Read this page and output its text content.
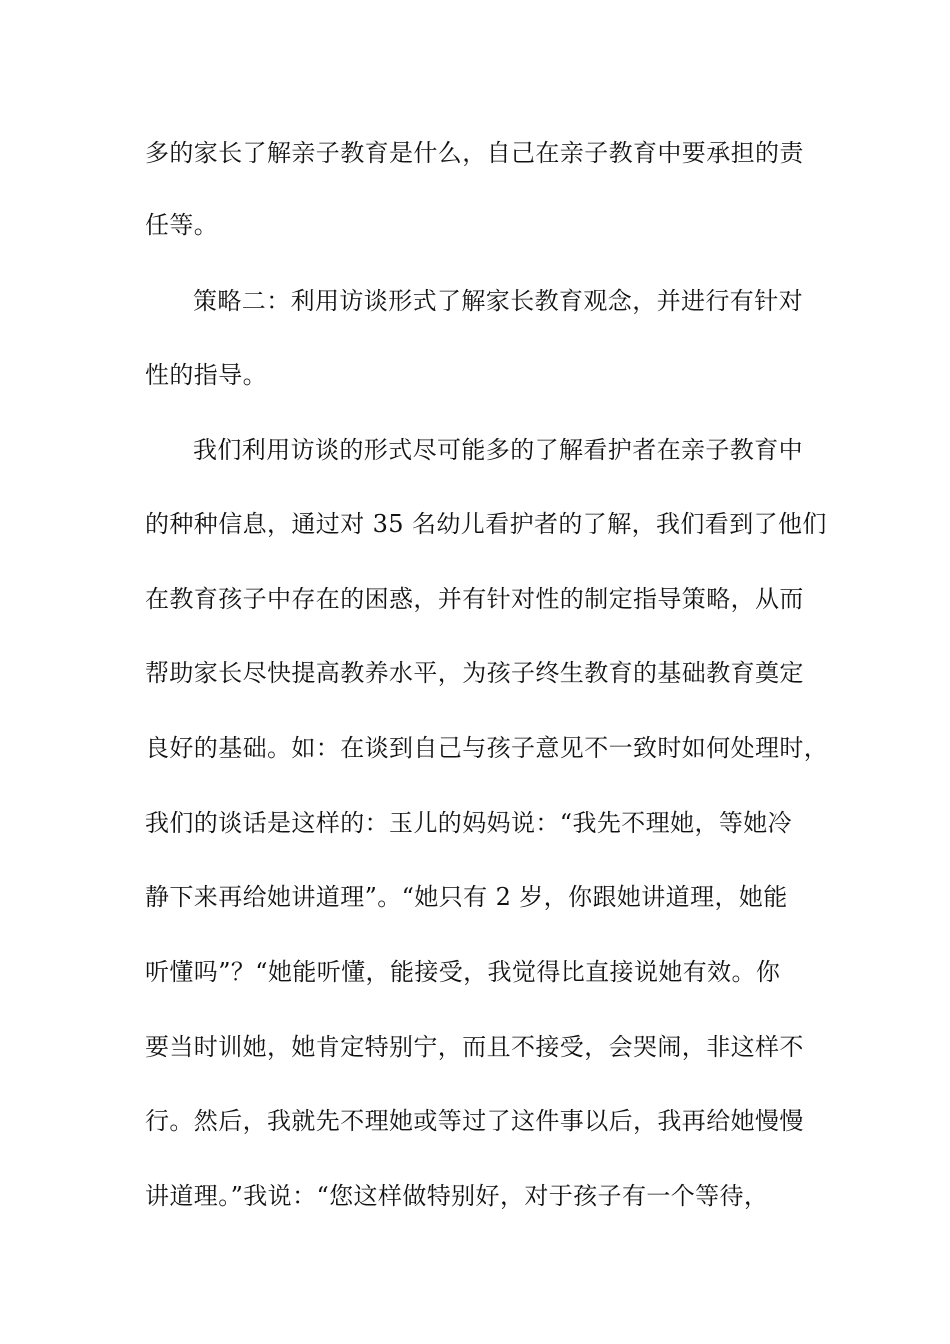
多的家长了解亲子教育是什么，自己在亲子教育中要承担的责
任等。
策略二：利用访谈形式了解家长教育观念，并进行有针对
性的指导。
我们利用访谈的形式尽可能多的了解看护者在亲子教育中
的种种信息，通过对 35 名幼儿看护者的了解，我们看到了他们
在教育孩子中存在的困惑，并有针对性的制定指导策略，从而
帮助家长尽快提高教养水平，为孩子终生教育的基础教育奠定
良好的基础。如：在谈到自己与孩子意见不一致时如何处理时，
我们的谈话是这样的：玉儿的妈妈说：“我先不理她，等她冷
静下来再给她讲道理”。“她只有 2 岁，你跟她讲道理，她能
听懂吗”？“她能听懂，能接受，我觉得比直接说她有效。你
要当时训她，她肯定特别宁，而且不接受，会哭闹，非这样不
行。然后，我就先不理她或等过了这件事以后，我再给她慢慢
讲道理。”我说：“您这样做特别好，对于孩子有一个等待，
